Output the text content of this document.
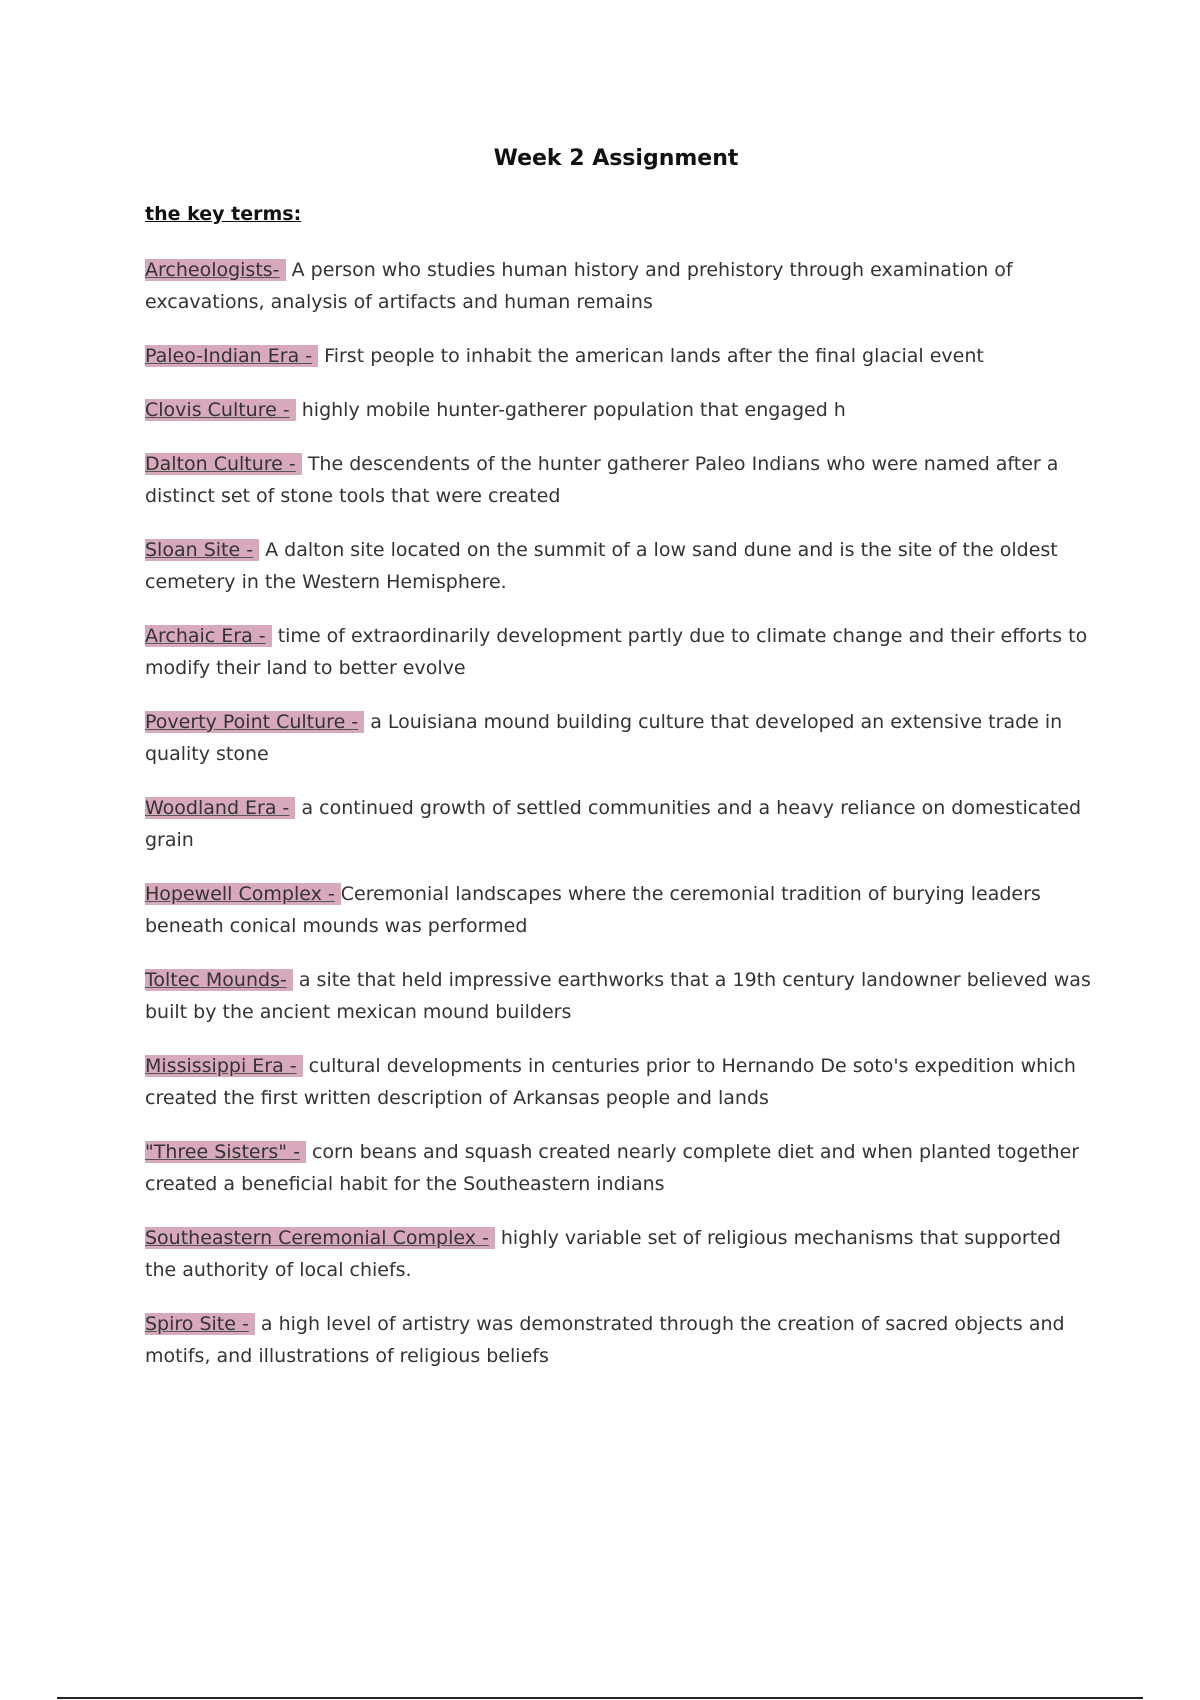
Week 2 Assignment
the key terms:

Archeologists- A person who studies human history and prehistory through examination of excavations, analysis of artifacts and human remains

Paleo-Indian Era - First people to inhabit the american lands after the final glacial event

Clovis Culture - highly mobile hunter-gatherer population that engaged h

Dalton Culture - The descendents of the hunter gatherer Paleo Indians who were named after a distinct set of stone tools that were created

Sloan Site - A dalton site located on the summit of a low sand dune and is the site of the oldest cemetery in the Western Hemisphere.

Archaic Era - time of extraordinarily development partly due to climate change and their efforts to modify their land to better evolve

Poverty Point Culture - a Louisiana mound building culture that developed an extensive trade in quality stone

Woodland Era - a continued growth of settled communities and a heavy reliance on domesticated grain

Hopewell Complex - Ceremonial landscapes where the ceremonial tradition of burying leaders beneath conical mounds was performed

Toltec Mounds- a site that held impressive earthworks that a 19th century landowner believed was built by the ancient mexican mound builders

Mississippi Era - cultural developments in centuries prior to Hernando De soto's expedition which created the first written description of Arkansas people and lands

"Three Sisters" - corn beans and squash created nearly complete diet and when planted together created a beneficial habit for the Southeastern indians

Southeastern Ceremonial Complex - highly variable set of religious mechanisms that supported the authority of local chiefs.

Spiro Site - a high level of artistry was demonstrated through the creation of sacred objects and motifs, and illustrations of religious beliefs
